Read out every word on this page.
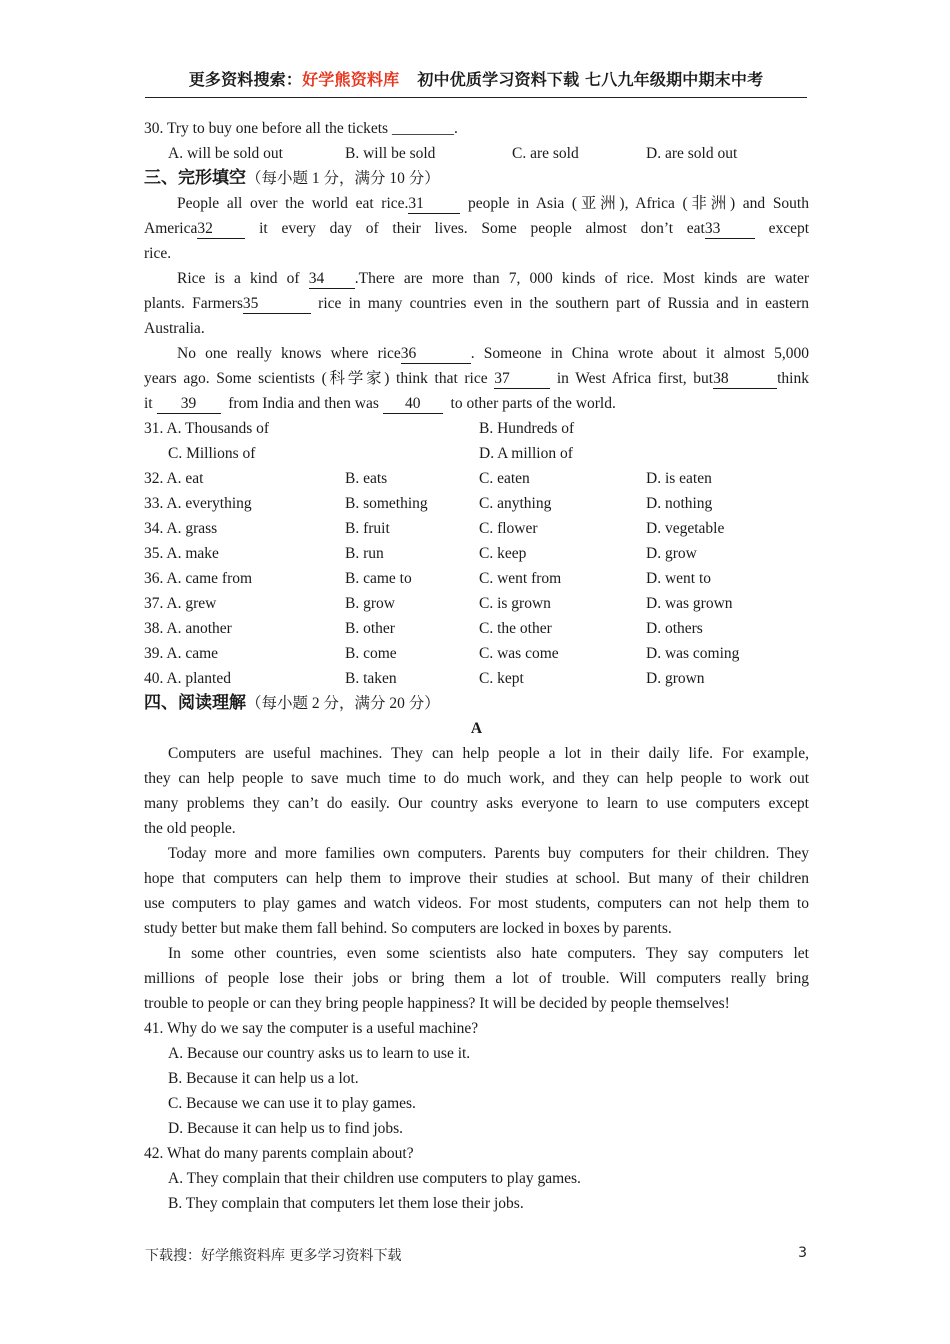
更多资料搜索：好学熊资料库 初中优质学习资料下载 七八九年级期中期末中考
30. Try to buy one before all the tickets ________.
A. will be sold out	B. will be sold	C. are sold	D. are sold out
三、完形填空（每小题 1 分，满分 10 分）
People all over the world eat rice.31	people in Asia (亚洲), Africa (非洲) and South
America32	it every day of their lives. Some people almost don’t eat33	except
rice.
Rice is a kind of 34 .There are more than 7, 000 kinds of rice. Most kinds are water
plants. Farmers35	rice in many countries even in the southern part of Russia and in eastern
Australia.
No one really knows where rice36	. Someone in China wrote about it almost 5,000
years ago. Some scientists (科学家) think that rice 37	in West Africa first, but38	think
it 39 from India and then was 40 to other parts of the world.
31. A. Thousands of	B. Hundreds of
C. Millions of	D. A million of
32. A. eat	B. eats	C. eaten	D. is eaten
33. A. everything	B. something	C. anything	D. nothing
34. A. grass	B. fruit	C. flower	D. vegetable
35. A. make	B. run	C. keep	D. grow
36. A. came from	B. came to	C. went from	D. went to
37. A. grew	B. grow	C. is grown	D. was grown
38. A. another	B. other	C. the other	D. others
39. A. came	B. come	C. was come	D. was coming
40. A. planted	B. taken	C. kept	D. grown
四、阅读理解（每小题 2 分，满分 20 分）
A
Computers are useful machines. They can help people a lot in their daily life. For example,
they can help people to save much time to do much work, and they can help people to work out
many problems they can’t do easily. Our country asks everyone to learn to use computers except
the old people.
Today more and more families own computers. Parents buy computers for their children. They
hope that computers can help them to improve their studies at school. But many of their children
use computers to play games and watch videos. For most students, computers can not help them to
study better but make them fall behind. So computers are locked in boxes by parents.
In some other countries, even some scientists also hate computers. They say computers let
millions of people lose their jobs or bring them a lot of trouble. Will computers really bring
trouble to people or can they bring people happiness? It will be decided by people themselves!
41. Why do we say the computer is a useful machine?
A. Because our country asks us to learn to use it.
B. Because it can help us a lot.
C. Because we can use it to play games.
D. Because it can help us to find jobs.
42. What do many parents complain about?
A. They complain that their children use computers to play games.
B. They complain that computers let them lose their jobs.
下载搜：好学熊资料库 更多学习资料下载	3
